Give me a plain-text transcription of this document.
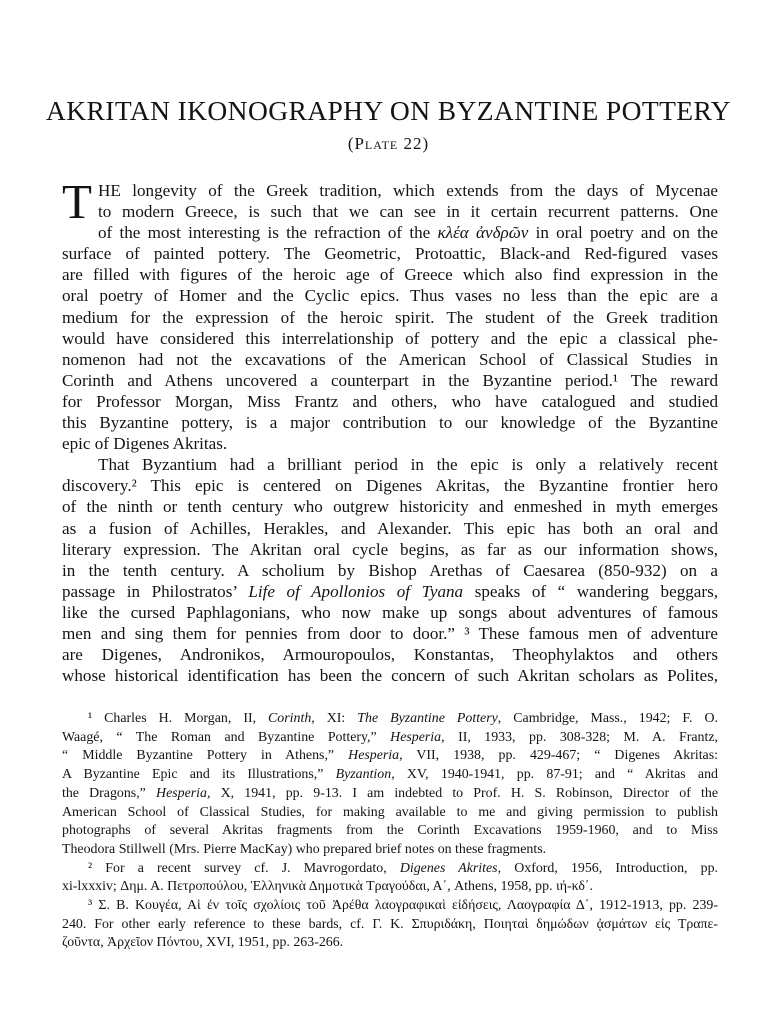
AKRITAN IKONOGRAPHY ON BYZANTINE POTTERY
(Plate 22)
T HE longevity of the Greek tradition, which extends from the days of Mycenae
to modern Greece, is such that we can see in it certain recurrent patterns. One
of the most interesting is the refraction of the κλέα ἀνδρῶν in oral poetry and on the
surface of painted pottery. The Geometric, Protoattic, Black-and Red-figured vases
are filled with figures of the heroic age of Greece which also find expression in the
oral poetry of Homer and the Cyclic epics. Thus vases no less than the epic are a
medium for the expression of the heroic spirit. The student of the Greek tradition
would have considered this interrelationship of pottery and the epic a classical phe-
nomenon had not the excavations of the American School of Classical Studies in
Corinth and Athens uncovered a counterpart in the Byzantine period.¹ The reward
for Professor Morgan, Miss Frantz and others, who have catalogued and studied
this Byzantine pottery, is a major contribution to our knowledge of the Byzantine
epic of Digenes Akritas.
That Byzantium had a brilliant period in the epic is only a relatively recent
discovery.² This epic is centered on Digenes Akritas, the Byzantine frontier hero
of the ninth or tenth century who outgrew historicity and enmeshed in myth emerges
as a fusion of Achilles, Herakles, and Alexander. This epic has both an oral and
literary expression. The Akritan oral cycle begins, as far as our information shows,
in the tenth century. A scholium by Bishop Arethas of Caesarea (850-932) on a
passage in Philostratos’ Life of Apollonios of Tyana speaks of “ wandering beggars,
like the cursed Paphlagonians, who now make up songs about adventures of famous
men and sing them for pennies from door to door.” ³ These famous men of adventure
are Digenes, Andronikos, Armouropoulos, Konstantas, Theophylaktos and others
whose historical identification has been the concern of such Akritan scholars as Polites,
¹ Charles H. Morgan, II, Corinth, XI: The Byzantine Pottery, Cambridge, Mass., 1942; F. O.
Waagé, “ The Roman and Byzantine Pottery,” Hesperia, II, 1933, pp. 308-328; M. A. Frantz,
“ Middle Byzantine Pottery in Athens,” Hesperia, VII, 1938, pp. 429-467; “ Digenes Akritas:
A Byzantine Epic and its Illustrations,” Byzantion, XV, 1940-1941, pp. 87-91; and “ Akritas and
the Dragons,” Hesperia, X, 1941, pp. 9-13. I am indebted to Prof. H. S. Robinson, Director of the
American School of Classical Studies, for making available to me and giving permission to publish
photographs of several Akritas fragments from the Corinth Excavations 1959-1960, and to Miss
Theodora Stillwell (Mrs. Pierre MacKay) who prepared brief notes on these fragments.
² For a recent survey cf. J. Mavrogordato, Digenes Akrites, Oxford, 1956, Introduction, pp.
xi-lxxxiv; Δημ. Α. Πετροπούλου, Ἑλληνικὰ Δημοτικὰ Τραγούδαι, Α΄, Athens, 1958, pp. ιή-κδ΄.
³ Σ. Β. Κουγέα, Αἱ ἐν τοῖς σχολίοις τοῦ Ἀρέθα λαογραφικαὶ εἰδήσεις, Λαογραφία Δ΄, 1912-1913, pp. 239-
240. For other early reference to these bards, cf. Γ. Κ. Σπυριδάκη, Ποιηταὶ δημώδων ᾀσμάτων εἰς Τραπε-
ζοῦντα, Ἀρχεῖον Πόντου, XVI, 1951, pp. 263-266.
